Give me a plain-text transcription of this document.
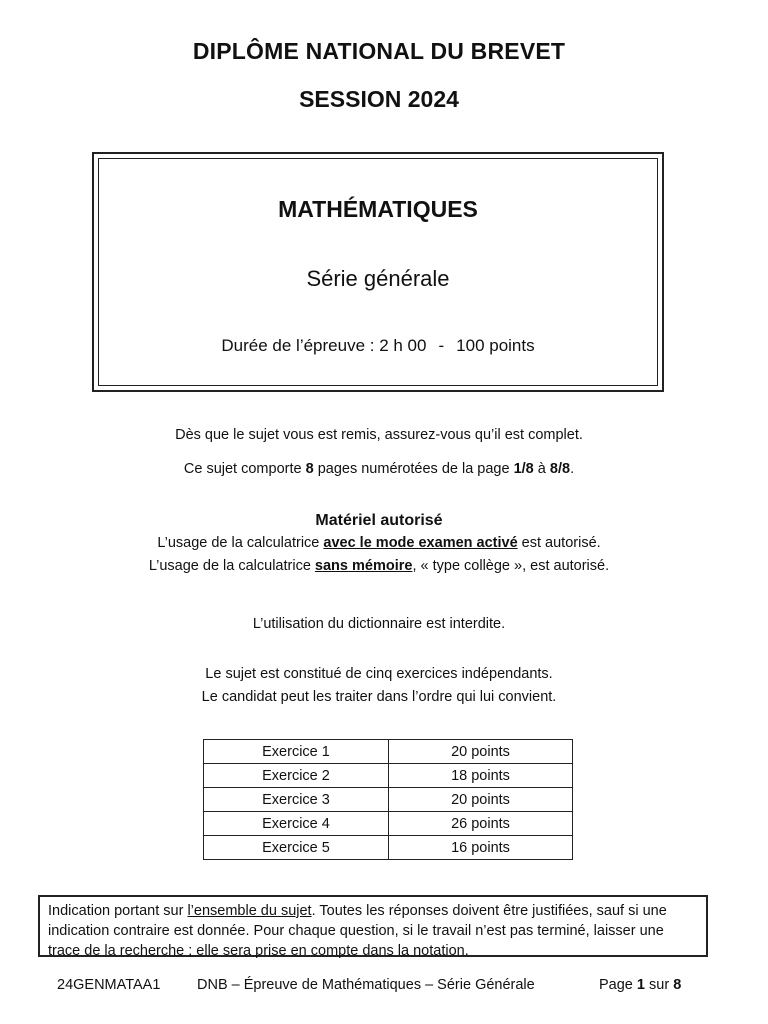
DIPLÔME NATIONAL DU BREVET
SESSION 2024
MATHÉMATIQUES
Série générale
Durée de l’épreuve : 2 h 00 - 100 points
Dès que le sujet vous est remis, assurez-vous qu’il est complet.
Ce sujet comporte 8 pages numérotées de la page 1/8 à 8/8.
Matériel autorisé
L’usage de la calculatrice avec le mode examen activé est autorisé.
L’usage de la calculatrice sans mémoire, « type collège », est autorisé.
L’utilisation du dictionnaire est interdite.
Le sujet est constitué de cinq exercices indépendants.
Le candidat peut les traiter dans l’ordre qui lui convient.
Exercice 1	20 points
Exercice 2	18 points
Exercice 3	20 points
Exercice 4	26 points
Exercice 5	16 points
Indication portant sur l’ensemble du sujet. Toutes les réponses doivent être justifiées, sauf si une indication contraire est donnée. Pour chaque question, si le travail n’est pas terminé, laisser une trace de la recherche ; elle sera prise en compte dans la notation.
24GENMATAA1	DNB – Épreuve de Mathématiques – Série Générale	Page 1 sur 8
